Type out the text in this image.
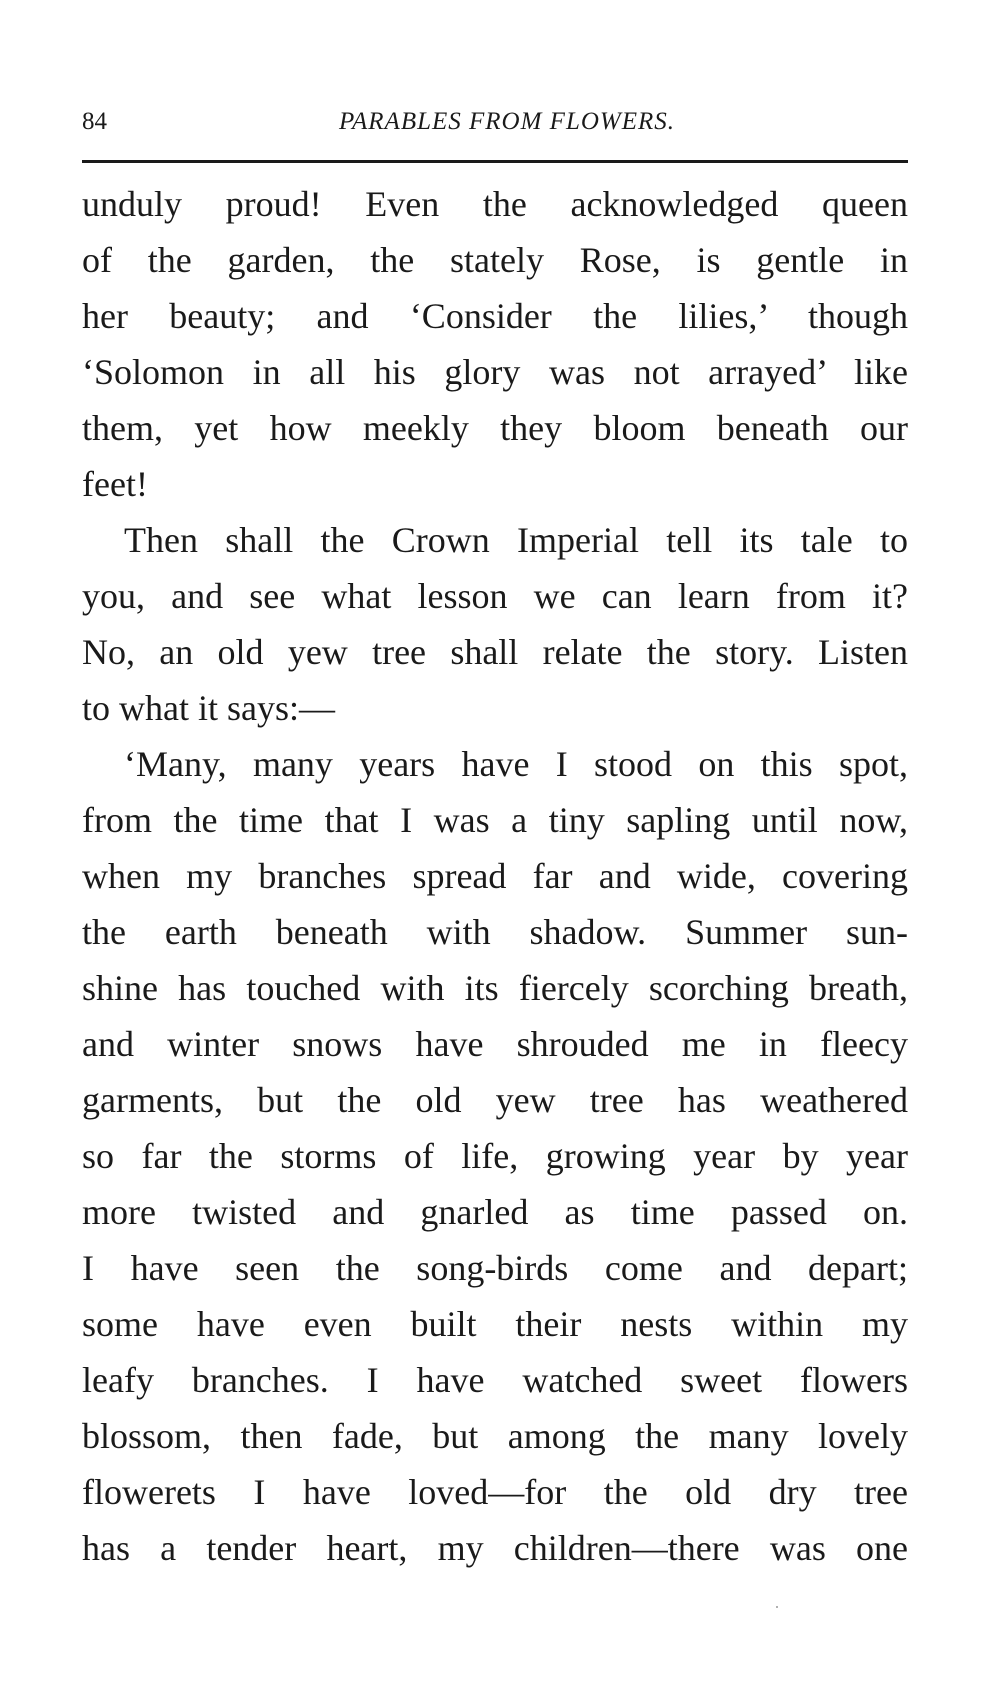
84	PARABLES FROM FLOWERS.
unduly proud! Even the acknowledged queen
of the garden, the stately Rose, is gentle in
her beauty; and ‘Consider the lilies,’ though
‘Solomon in all his glory was not arrayed’ like
them, yet how meekly they bloom beneath our
feet!
Then shall the Crown Imperial tell its tale to
you, and see what lesson we can learn from it?
No, an old yew tree shall relate the story. Listen
to what it says:—
‘Many, many years have I stood on this spot,
from the time that I was a tiny sapling until now,
when my branches spread far and wide, covering
the earth beneath with shadow. Summer sun-
shine has touched with its fiercely scorching breath,
and winter snows have shrouded me in fleecy
garments, but the old yew tree has weathered
so far the storms of life, growing year by year
more twisted and gnarled as time passed on.
I have seen the song-birds come and depart;
some have even built their nests within my
leafy branches. I have watched sweet flowers
blossom, then fade, but among the many lovely
flowerets I have loved—for the old dry tree
has a tender heart, my children—there was one
